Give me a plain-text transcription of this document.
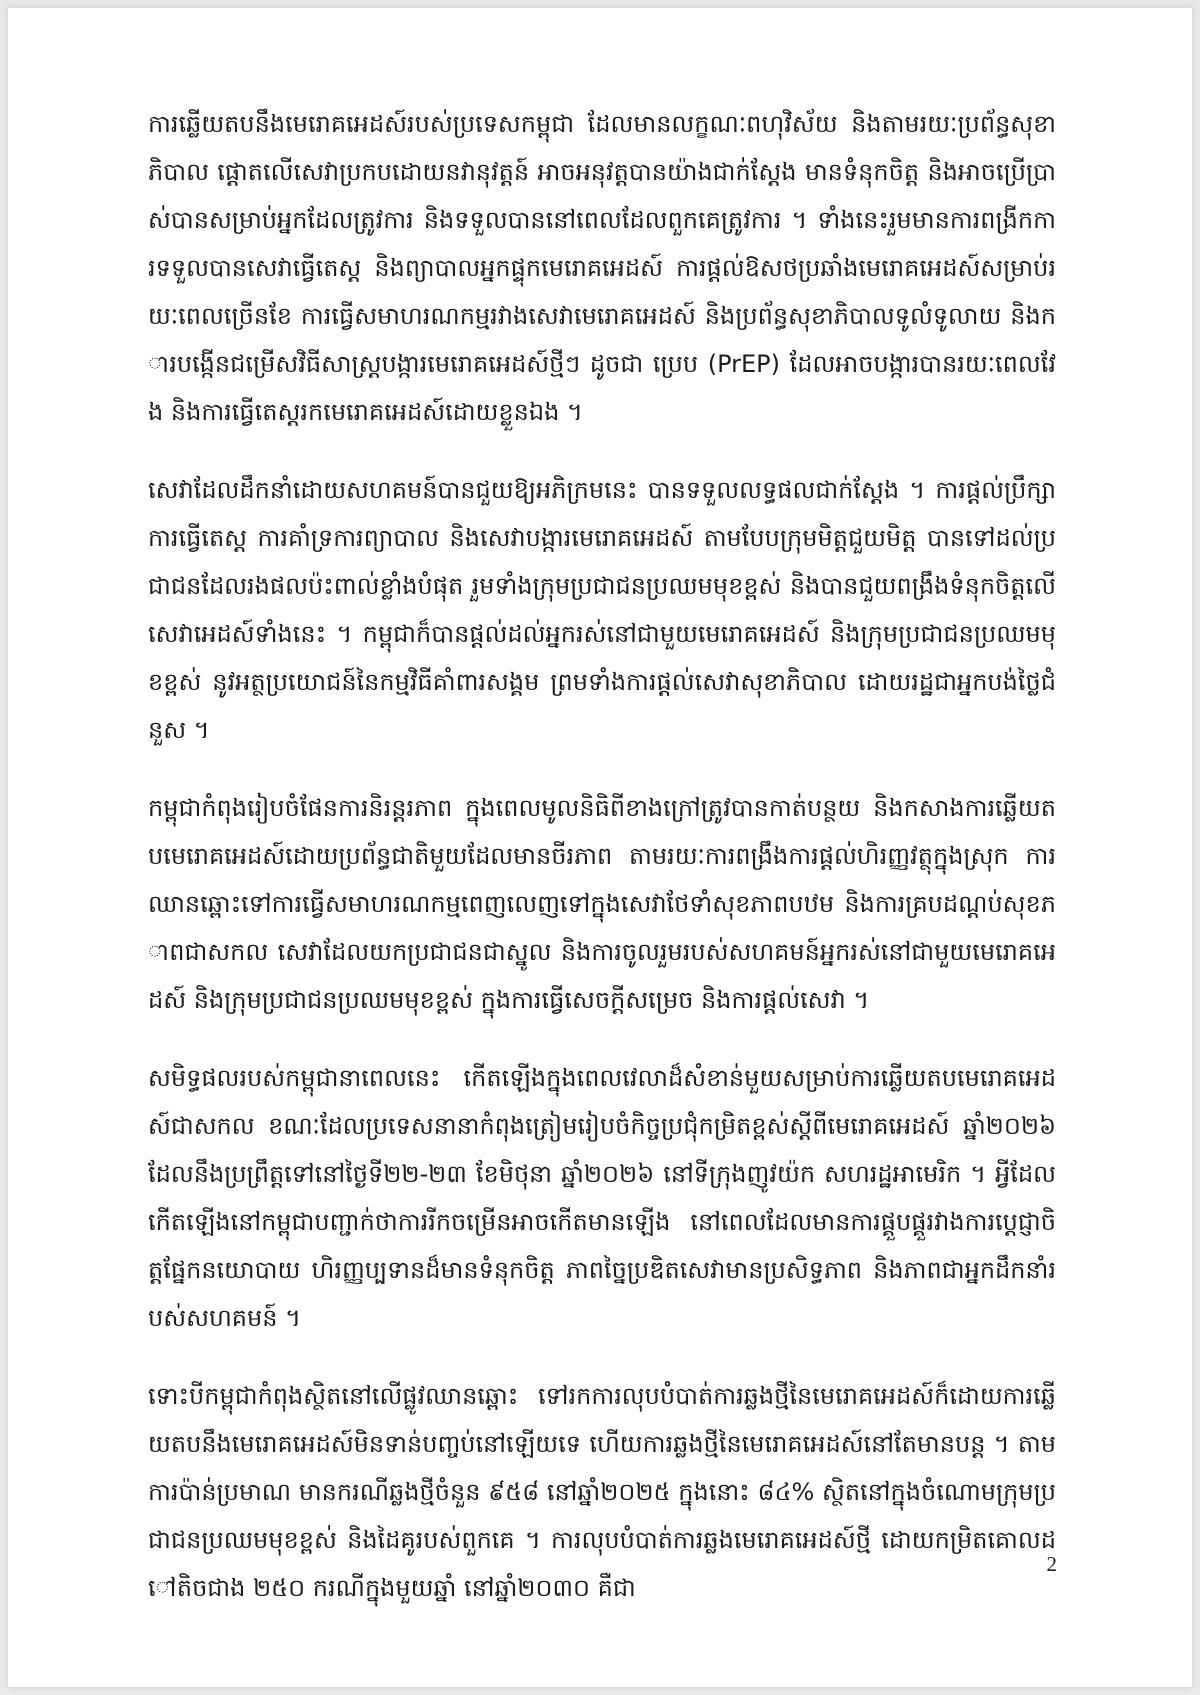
ការឆ្លើយតបនឹងមេរោគអេដស៍របស់ប្រទេសកម្ពុជា ដែលមានលក្ខណៈពហុវិស័យ និងតាមរយៈប្រព័ន្ធសុខាភិបាល ផ្តោតលើសេវាប្រកបដោយនវានុវត្តន៍ អាចអនុវត្តបានយ៉ាងជាក់ស្តែង មានទំនុកចិត្ត និងអាចប្រើប្រាស់បានសម្រាប់អ្នកដែលត្រូវការ និងទទួលបាននៅពេលដែលពួកគេត្រូវការ ។ ទាំងនេះរួមមានការពង្រីកការទទួលបានសេវាធ្វើតេស្ត និងព្យាបាលអ្នកផ្ទុកមេរោគអេដស៍ ការផ្តល់ឱសថប្រឆាំងមេរោគអេដស៍សម្រាប់រយៈពេលច្រើនខែ ការធ្វើសមាហរណកម្មរវាងសេវាមេរោគអេដស៍ និងប្រព័ន្ធសុខាភិបាលទូលំទូលាយ និងការបង្កើនជម្រើសវិធីសាស្ត្របង្ការមេរោគអេដស៍ថ្មីៗ ដូចជា ប្រេប (PrEP) ដែលអាចបង្ការបានរយៈពេលវែង និងការធ្វើតេស្តរកមេរោគអេដស៍ដោយខ្លួនឯង ។

សេវាដែលដឹកនាំដោយសហគមន៍បានជួយឱ្យអភិក្រមនេះ បានទទួលលទ្ធផលជាក់ស្តែង ។ ការផ្តល់ប្រឹក្សា ការធ្វើតេស្ត ការគាំទ្រការព្យាបាល និងសេវាបង្ការមេរោគអេដស៍ តាមបែបក្រុមមិត្តជួយមិត្ត បានទៅដល់ប្រជាជនដែលរងផលប៉ះពាល់ខ្លាំងបំផុត រួមទាំងក្រុមប្រជាជនប្រឈមមុខខ្ពស់ និងបានជួយពង្រឹងទំនុកចិត្តលើសេវាអេដស៍ទាំងនេះ ។ កម្ពុជាក៏បានផ្តល់ដល់អ្នករស់នៅជាមួយមេរោគអេដស៍ និងក្រុមប្រជាជនប្រឈមមុខខ្ពស់ នូវអត្ថប្រយោជន៍នៃកម្មវិធីគាំពារសង្គម ព្រមទាំងការផ្តល់សេវាសុខាភិបាល ដោយរដ្ឋជាអ្នកបង់ថ្លៃជំនួស ។

កម្ពុជាកំពុងរៀបចំផែនការនិរន្តរភាព ក្នុងពេលមូលនិធិពីខាងក្រៅត្រូវបានកាត់បន្ថយ និងកសាងការឆ្លើយតបមេរោគអេដស៍ដោយប្រព័ន្ធជាតិមួយដែលមានចីរភាព តាមរយៈការពង្រឹងការផ្តល់ហិរញ្ញវត្ថុក្នុងស្រុក ការឈានឆ្ពោះទៅការធ្វើសមាហរណកម្មពេញលេញទៅក្នុងសេវាថែទាំសុខភាពបឋម និងការគ្របដណ្តប់សុខភាពជាសកល សេវាដែលយកប្រជាជនជាស្នូល និងការចូលរួមរបស់សហគមន៍អ្នករស់នៅជាមួយមេរោគអេដស៍ និងក្រុមប្រជាជនប្រឈមមុខខ្ពស់ ក្នុងការធ្វើសេចក្តីសម្រេច និងការផ្តល់សេវា ។

សមិទ្ធផលរបស់កម្ពុជានាពេលនេះ កើតឡើងក្នុងពេលវេលាដ៏សំខាន់មួយសម្រាប់ការឆ្លើយតបមេរោគអេដស៍ជាសកល ខណៈដែលប្រទេសនានាកំពុងត្រៀមរៀបចំកិច្ចប្រជុំកម្រិតខ្ពស់ស្តីពីមេរោគអេដស៍ ឆ្នាំ២០២៦ ដែលនឹងប្រព្រឹត្តទៅនៅថ្ងៃទី២២-២៣ ខែមិថុនា ឆ្នាំ២០២៦ នៅទីក្រុងញូវយ៉ក សហរដ្ឋអាមេរិក ។ អ្វីដែលកើតឡើងនៅកម្ពុជាបញ្ជាក់ថាការរីកចម្រើនអាចកើតមានឡើង នៅពេលដែលមានការផ្គួបផ្គួរវាងការប្តេជ្ញាចិត្តផ្នែកនយោបាយ ហិរញ្ញប្បទានដ៏មានទំនុកចិត្ត ភាពច្នៃប្រឌិតសេវាមានប្រសិទ្ធភាព និងភាពជាអ្នកដឹកនាំរបស់សហគមន៍ ។

ទោះបីកម្ពុជាកំពុងស្ថិតនៅលើផ្លូវឈានឆ្ពោះ ទៅរកការលុបបំបាត់ការឆ្លងថ្មីនៃមេរោគអេដស៍ក៏ដោយការឆ្លើយតបនឹងមេរោគអេដស៍មិនទាន់បញ្ចប់នៅឡើយទេ ហើយការឆ្លងថ្មីនៃមេរោគអេដស៍នៅតែមានបន្ត ។ តាមការប៉ាន់ប្រមាណ មានករណីឆ្លងថ្មីចំនួន ៩៥៨ នៅឆ្នាំ២០២៥ ក្នុងនោះ ៨៤% ស្ថិតនៅក្នុងចំណោមក្រុមប្រជាជនប្រឈមមុខខ្ពស់ និងដៃគូរបស់ពួកគេ ។ ការលុបបំបាត់ការឆ្លងមេរោគអេដស៍ថ្មី ដោយកម្រិតគោលដៅតិចជាង ២៥០ ករណីក្នុងមួយឆ្នាំ នៅឆ្នាំ២០៣០ គឺជា

2
